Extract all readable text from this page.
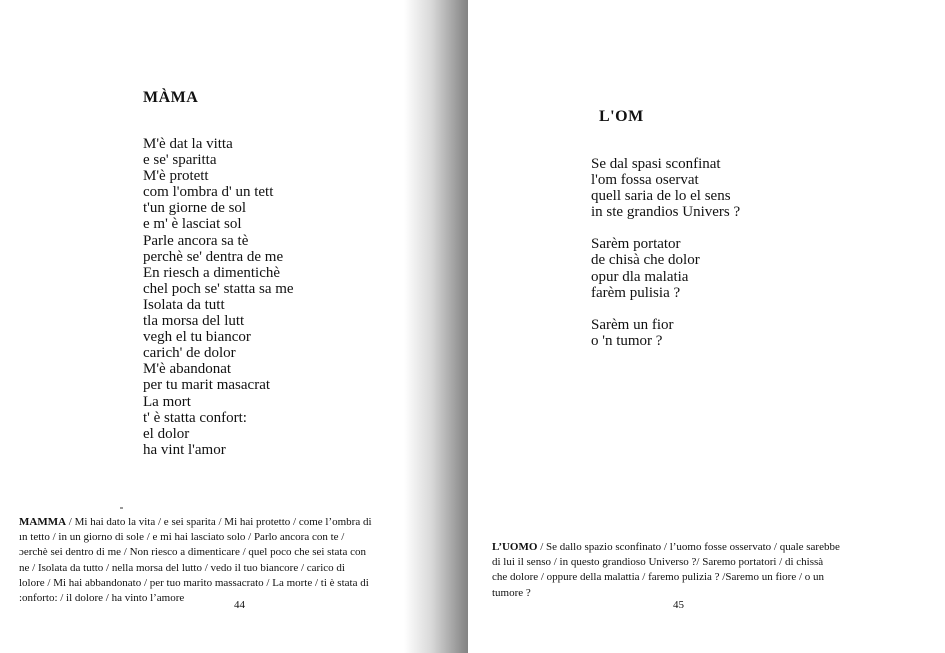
MÀMA
M'è dat la vitta
e se' sparitta
M'è protett
com l'ombra d' un tett
t'un giorne de sol
e m' è lasciat sol
Parle ancora sa tè
perchè se' dentra de me
En riesch a dimentichè
chel poch se' statta sa me
Isolata da tutt
tla morsa del lutt
vegh el tu biancor
carich' de dolor
M'è abandonat
per tu marit masacrat
La mort
t' è statta confort:
el dolor
ha vint l'amor
MAMMA / Mi hai dato la vita / e sei sparita / Mi hai protetto / come l’ombra di
ın tetto / in un giorno di sole / e mi hai lasciato solo / Parlo ancora con te /
ɔerchè sei dentro di me / Non riesco a dimenticare / quel poco che sei stata con
ne / Isolata da tutto / nella morsa del lutto / vedo il tuo biancore / carico di
lolore / Mi hai abbandonato / per tuo marito massacrato / La morte / ti è stata di
:onforto: / il dolore / ha vinto l’amore
44
L'OM
Se dal spasi sconfinat
l'om fossa oservat
quell saria de lo el sens
in ste grandios Univers ?
Sarèm portator
de chisà che dolor
opur dla malatia
farèm pulisia ?
Sarèm un fior
o 'n tumor ?
L’UOMO / Se dallo spazio sconfinato / l’uomo fosse osservato / quale sarebbe
di lui il senso / in questo grandioso Universo ?/ Saremo portatori / di chissà
che dolore / oppure della malattia / faremo pulizia ? /Saremo un fiore / o un
tumore ?
45
